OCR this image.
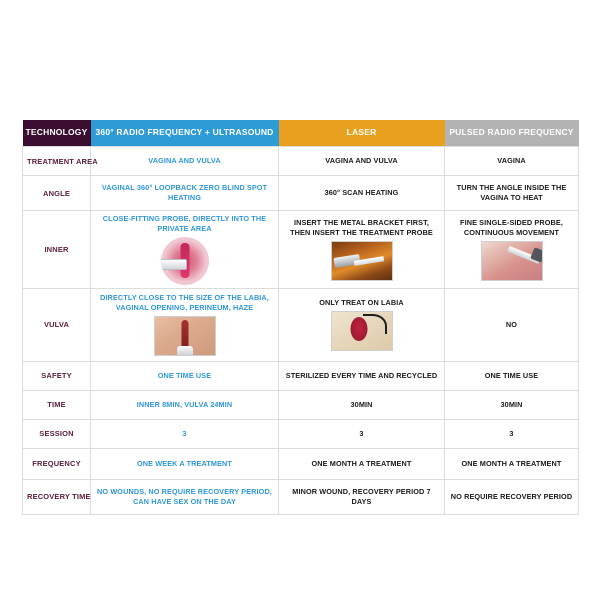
TECHNOLOGY	360° RADIO FREQUENCY + ULTRASOUND	LASER	PULSED RADIO FREQUENCY

TREATMENT AREA	VAGINA AND VULVA	VAGINA AND VULVA	VAGINA

ANGLE	VAGINAL 360° LOOPBACK ZERO BLIND SPOT HEATING	360° SCAN HEATING	TURN THE ANGLE INSIDE THE VAGINA TO HEAT

INNER	CLOSE-FITTING PROBE, DIRECTLY INTO THE PRIVATE AREA	INSERT THE METAL BRACKET FIRST, THEN INSERT THE TREATMENT PROBE	FINE SINGLE-SIDED PROBE, CONTINUOUS MOVEMENT

VULVA	DIRECTLY CLOSE TO THE SIZE OF THE LABIA, VAGINAL OPENING, PERINEUM, HAZE	ONLY TREAT ON LABIA	NO

SAFETY	ONE TIME USE	STERILIZED EVERY TIME AND RECYCLED	ONE TIME USE

TIME	INNER 8MIN, VULVA 24MIN	30MIN	30MIN

SESSION	3	3	3

FREQUENCY	ONE WEEK A TREATMENT	ONE MONTH A TREATMENT	ONE MONTH A TREATMENT

RECOVERY TIME	NO WOUNDS, NO REQUIRE RECOVERY PERIOD, CAN HAVE SEX ON THE DAY	MINOR WOUND, RECOVERY PERIOD 7 DAYS	NO REQUIRE RECOVERY PERIOD
